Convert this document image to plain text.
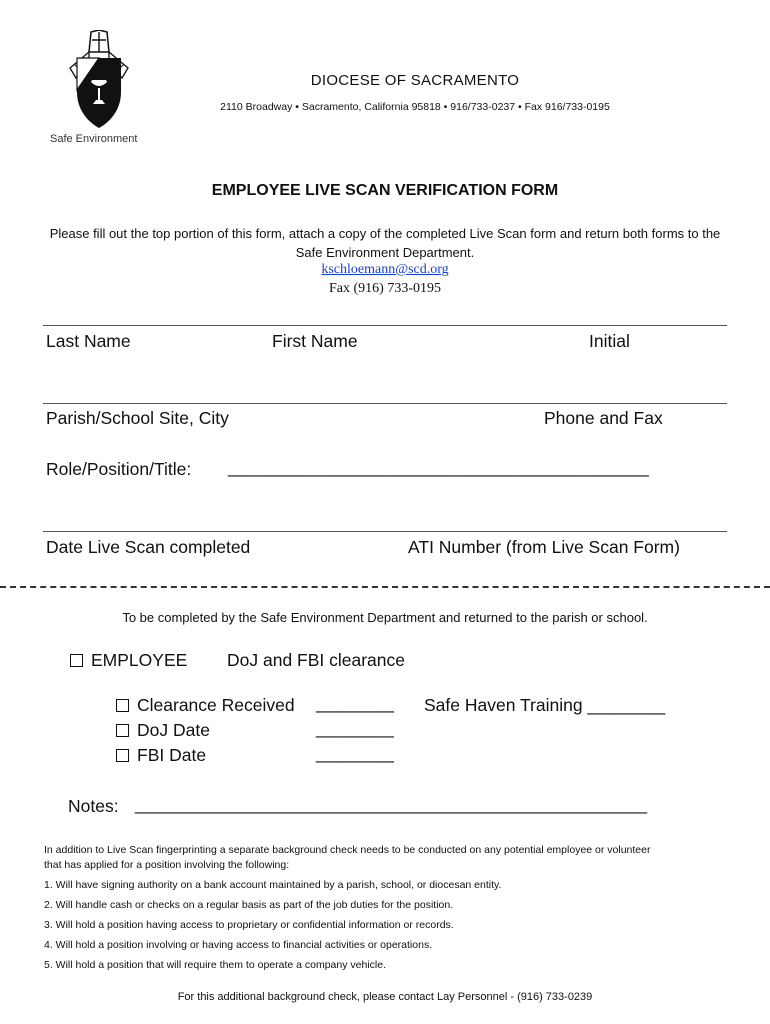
DIOCESE OF SACRAMENTO
2110 Broadway • Sacramento, California 95818 • 916/733-0237 • Fax 916/733-0195
Safe Environment
EMPLOYEE LIVE SCAN VERIFICATION FORM
Please fill out the top portion of this form, attach a copy of the completed Live Scan form and return both forms to the
Safe Environment Department.
kschloemann@scd.org
Fax (916) 733-0195
Last Name	First Name	Initial
Parish/School Site, City	Phone and Fax
Role/Position/Title: ______________________________________________
Date Live Scan completed	ATI Number (from Live Scan Form)
To be completed by the Safe Environment Department and returned to the parish or school.
EMPLOYEE DoJ and FBI clearance
Clearance Received ________ Safe Haven Training ________
DoJ Date	________
FBI Date	________
Notes: ________________________________________________________
In addition to Live Scan fingerprinting a separate background check needs to be conducted on any potential employee or volunteer
that has applied for a position involving the following:
1. Will have signing authority on a bank account maintained by a parish, school, or diocesan entity.
2. Will handle cash or checks on a regular basis as part of the job duties for the position.
3. Will hold a position having access to proprietary or confidential information or records.
4. Will hold a position involving or having access to financial activities or operations.
5. Will hold a position that will require them to operate a company vehicle.
For this additional background check, please contact Lay Personnel - (916) 733-0239
